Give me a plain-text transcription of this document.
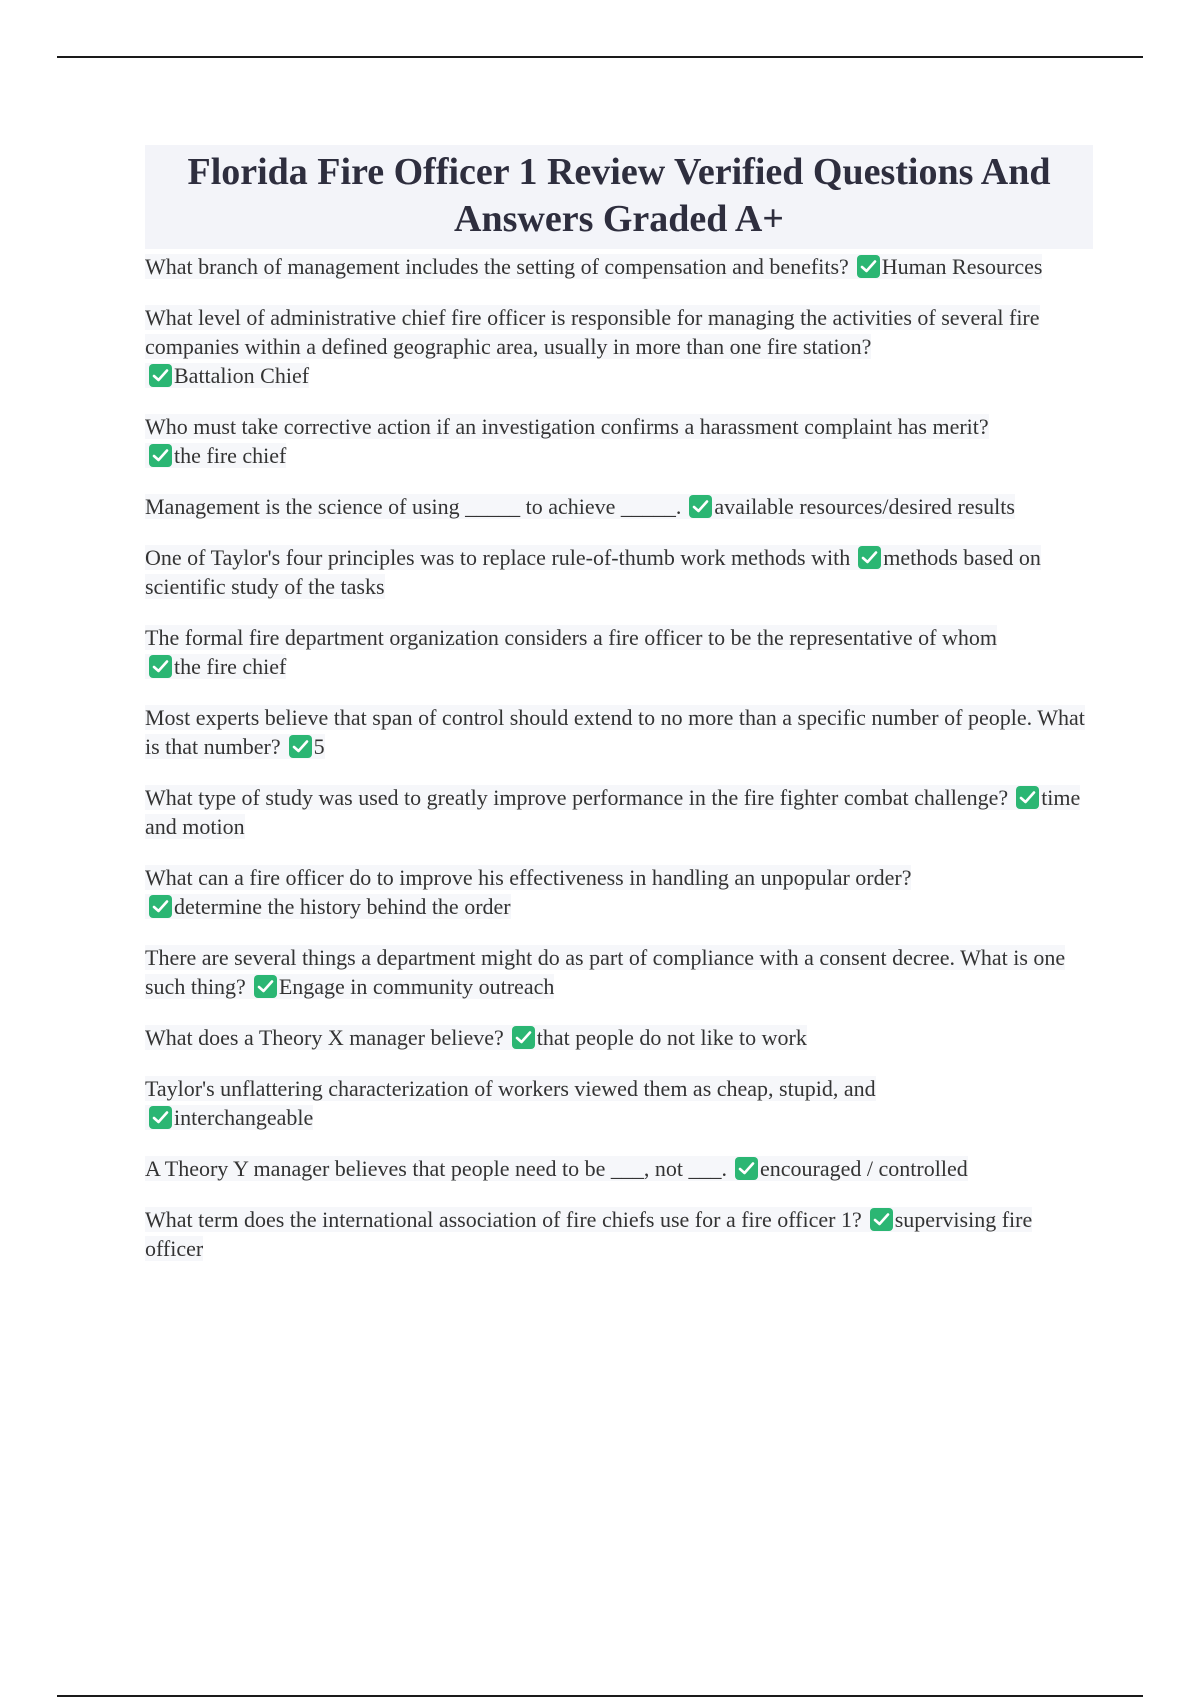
Florida Fire Officer 1 Review Verified Questions And Answers Graded A+
What branch of management includes the setting of compensation and benefits? Human Resources
What level of administrative chief fire officer is responsible for managing the activities of several fire companies within a defined geographic area, usually in more than one fire station?

Battalion Chief
Who must take corrective action if an investigation confirms a harassment complaint has merit?

the fire chief
Management is the science of using _____ to achieve _____. available resources/desired results
One of Taylor's four principles was to replace rule-of-thumb work methods with methods based on scientific study of the tasks
The formal fire department organization considers a fire officer to be the representative of whom

the fire chief
Most experts believe that span of control should extend to no more than a specific number of people. What is that number? 5
What type of study was used to greatly improve performance in the fire fighter combat challenge? time and motion
What can a fire officer do to improve his effectiveness in handling an unpopular order?

determine the history behind the order
There are several things a department might do as part of compliance with a consent decree. What is one such thing? Engage in community outreach
What does a Theory X manager believe? that people do not like to work
Taylor's unflattering characterization of workers viewed them as cheap, stupid, and

interchangeable
A Theory Y manager believes that people need to be ___, not ___. encouraged / controlled
What term does the international association of fire chiefs use for a fire officer 1? supervising fire officer
